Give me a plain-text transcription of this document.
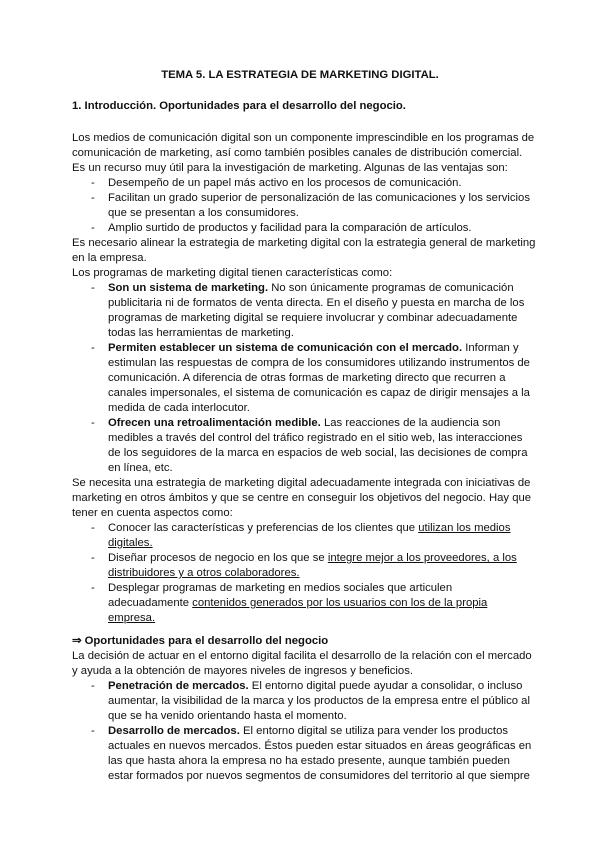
TEMA 5. LA ESTRATEGIA DE MARKETING DIGITAL.
1. Introducción. Oportunidades para el desarrollo del negocio.
Los medios de comunicación digital son un componente imprescindible en los programas de
comunicación de marketing, así como también posibles canales de distribución comercial.
Es un recurso muy útil para la investigación de marketing. Algunas de las ventajas son:
- Desempeño de un papel más activo en los procesos de comunicación.
- Facilitan un grado superior de personalización de las comunicaciones y los servicios
que se presentan a los consumidores.
- Amplio surtido de productos y facilidad para la comparación de artículos.
Es necesario alinear la estrategia de marketing digital con la estrategia general de marketing
en la empresa.
Los programas de marketing digital tienen características como:
- Son un sistema de marketing. No son únicamente programas de comunicación
publicitaria ni de formatos de venta directa. En el diseño y puesta en marcha de los
programas de marketing digital se requiere involucrar y combinar adecuadamente
todas las herramientas de marketing.
- Permiten establecer un sistema de comunicación con el mercado. Informan y
estimulan las respuestas de compra de los consumidores utilizando instrumentos de
comunicación. A diferencia de otras formas de marketing directo que recurren a
canales impersonales, el sistema de comunicación es capaz de dirigir mensajes a la
medida de cada interlocutor.
- Ofrecen una retroalimentación medible. Las reacciones de la audiencia son
medibles a través del control del tráfico registrado en el sitio web, las interacciones
de los seguidores de la marca en espacios de web social, las decisiones de compra
en línea, etc.
Se necesita una estrategia de marketing digital adecuadamente integrada con iniciativas de
marketing en otros ámbitos y que se centre en conseguir los objetivos del negocio. Hay que
tener en cuenta aspectos como:
- Conocer las características y preferencias de los clientes que utilizan los medios
digitales.
- Diseñar procesos de negocio en los que se integre mejor a los proveedores, a los
distribuidores y a otros colaboradores.
- Desplegar programas de marketing en medios sociales que articulen
adecuadamente contenidos generados por los usuarios con los de la propia
empresa.
⇒ Oportunidades para el desarrollo del negocio
La decisión de actuar en el entorno digital facilita el desarrollo de la relación con el mercado
y ayuda a la obtención de mayores niveles de ingresos y beneficios.
- Penetración de mercados. El entorno digital puede ayudar a consolidar, o incluso
aumentar, la visibilidad de la marca y los productos de la empresa entre el público al
que se ha venido orientando hasta el momento.
- Desarrollo de mercados. El entorno digital se utiliza para vender los productos
actuales en nuevos mercados. Éstos pueden estar situados en áreas geográficas en
las que hasta ahora la empresa no ha estado presente, aunque también pueden
estar formados por nuevos segmentos de consumidores del territorio al que siempre
